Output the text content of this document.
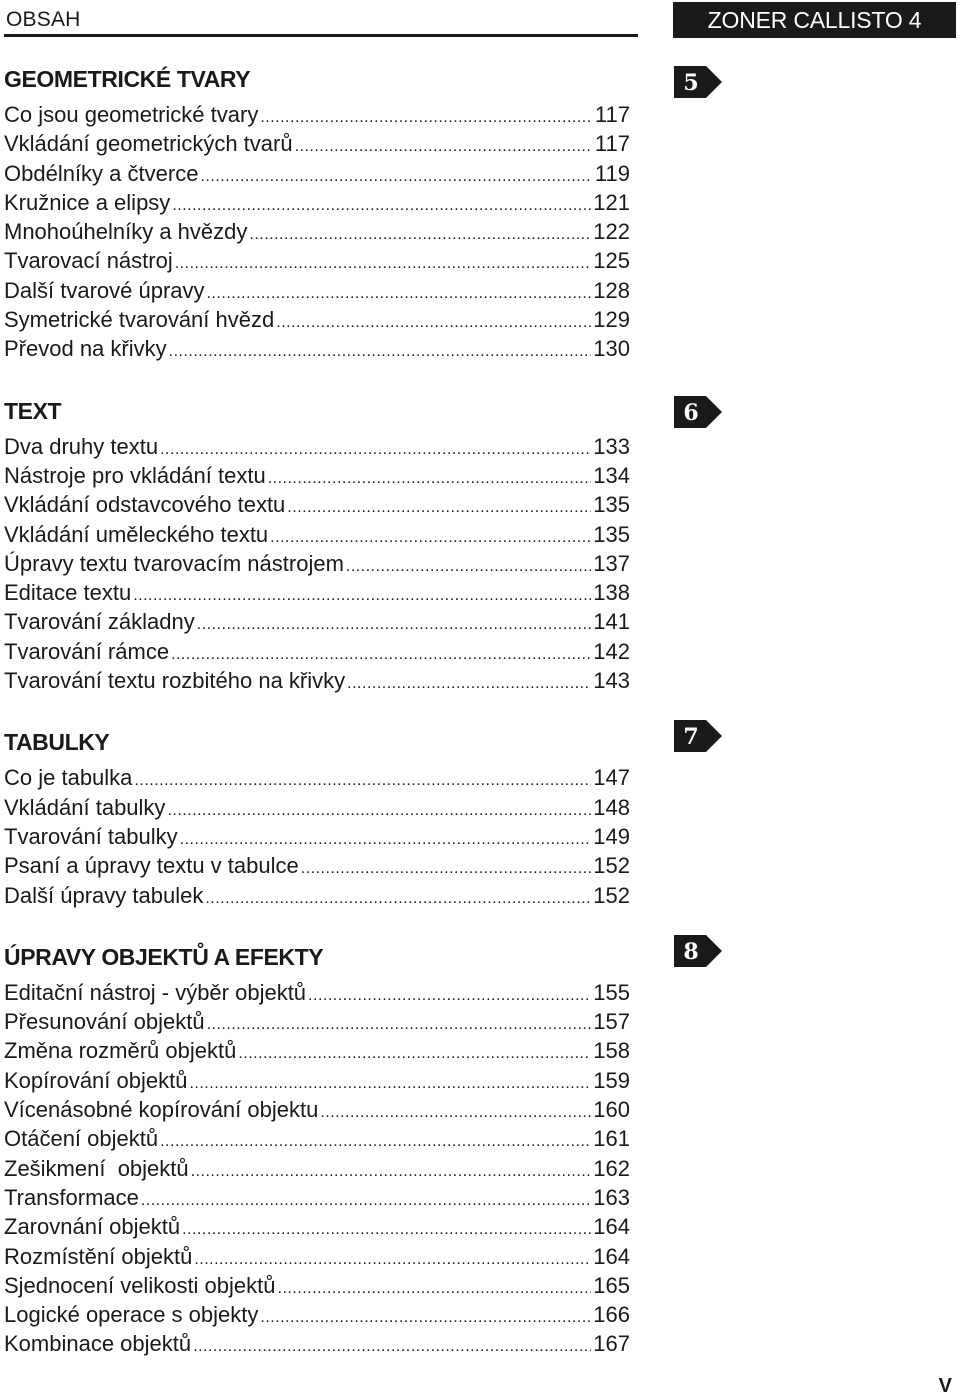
OBSAH	ZONER CALLISTO 4
GEOMETRICKÉ TVARY
Co jsou geometrické tvary .....	117
Vkládání geometrických tvarů .....	117
Obdélníky a čtverce .....	119
Kružnice a elipsy .....	121
Mnohoúhelníky a hvězdy .....	122
Tvarovací nástroj .....	125
Další tvarové úpravy .....	128
Symetrické tvarování hvězd .....	129
Převod na křivky .....	130
TEXT
Dva druhy textu .....	133
Nástroje pro vkládání textu .....	134
Vkládání odstavcového textu .....	135
Vkládání uměleckého textu .....	135
Úpravy textu tvarovacím nástrojem .....	137
Editace textu .....	138
Tvarování základny .....	141
Tvarování rámce .....	142
Tvarování textu rozbitého na křivky .....	143
TABULKY
Co je tabulka .....	147
Vkládání tabulky .....	148
Tvarování tabulky .....	149
Psaní a úpravy textu v tabulce .....	152
Další úpravy tabulek .....	152
ÚPRAVY OBJEKTŮ A EFEKTY
Editační nástroj - výběr objektů .....	155
Přesunování objektů .....	157
Změna rozměrů objektů .....	158
Kopírování objektů .....	159
Vícenásobné kopírování objektu .....	160
Otáčení objektů .....	161
Zešikmení  objektů .....	162
Transformace .....	163
Zarovnání objektů .....	164
Rozmístění objektů .....	164
Sjednocení velikosti objektů .....	165
Logické operace s objekty .....	166
Kombinace objektů .....	167
V
5
6
7
8
